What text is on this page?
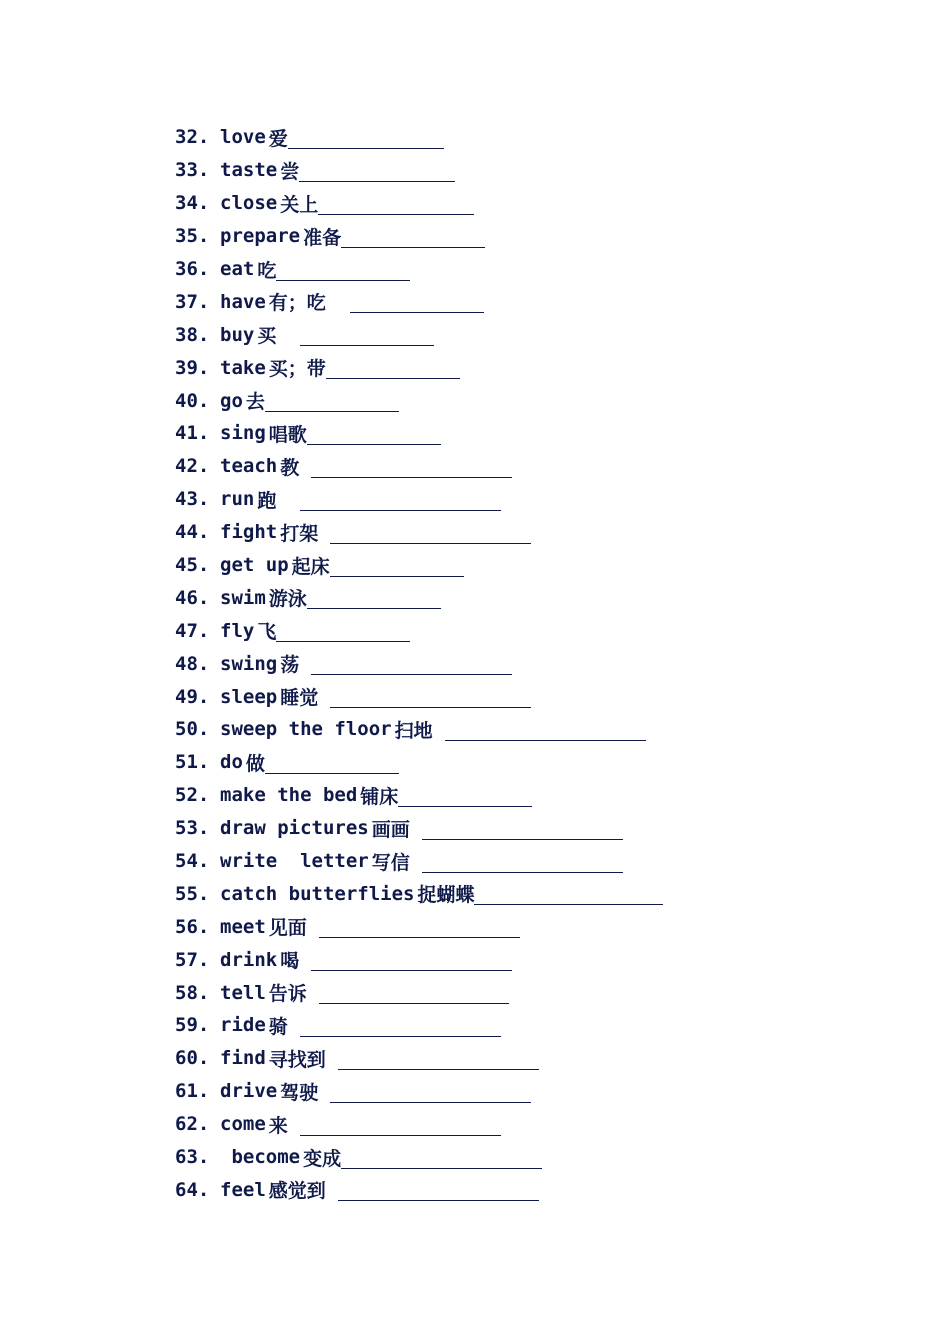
32. love 爱
33. taste 尝
34. close 关上
35. prepare 准备
36. eat 吃
37. have 有；吃
38. buy 买
39. take 买；带
40. go 去
41. sing 唱歌
42. teach 教
43. run 跑
44. fight 打架
45. get up 起床
46. swim 游泳
47. fly 飞
48. swing 荡
49. sleep 睡觉
50. sweep the floor 扫地
51. do 做
52. make the bed 铺床
53. draw pictures 画画
54. write  letter 写信
55. catch butterflies 捉蝴蝶
56. meet 见面
57. drink 喝
58. tell 告诉
59. ride 骑
60. find 寻找到
61. drive 驾驶
62. come 来
63. become 变成
64. feel 感觉到
